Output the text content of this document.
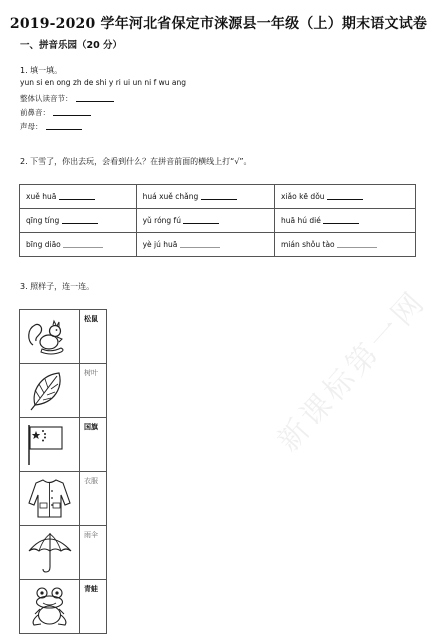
2019-2020 学年河北省保定市涞源县一年级（上）期末语文试卷
一、拼音乐园（20 分）
1. 填一填。
yun si en ong zh de shi y ri ui un ni f wu ang
整体认读音节：
前鼻音：
声母：
2. 下雪了，你出去玩，会看到什么？在拼音前面的横线上打“√”。
xuě huā	huá xuě chǎng	xiǎo kē dǒu
qīng tíng	yǔ róng fú	huā hú dié
bīng diāo	yè jú huā	mián shǒu tào
3. 照样子，连一连。
	松鼠

	树叶

	国旗

	衣服

	雨伞

	青蛙
新课标第一网
